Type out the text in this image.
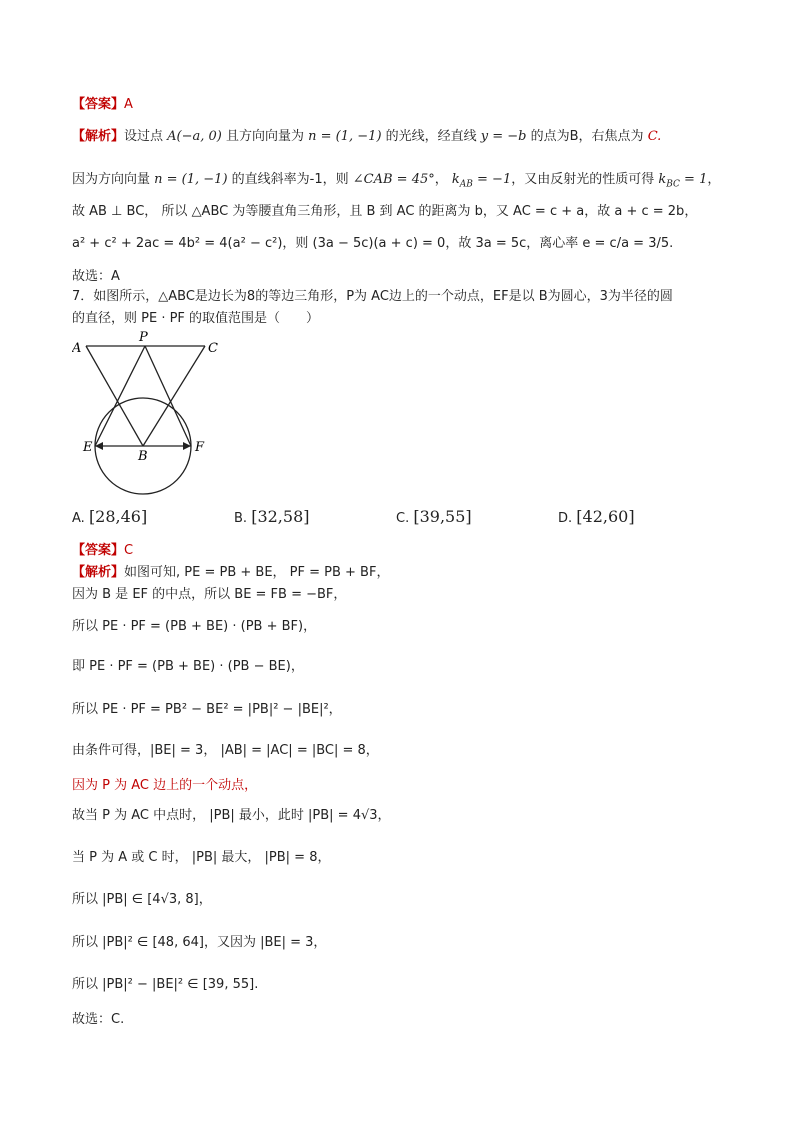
【答案】A
【解析】设过点 A(−a, 0) 且方向向量为 n = (1, −1) 的光线，经直线 y = −b 的点为B，右焦点为 C.
因为方向向量 n = (1, −1) 的直线斜率为-1，则 ∠CAB = 45°， $k_{AB} = -1$，又由反射光的性质可得 $k_{BC} = 1$，
故 AB ⊥ BC， 所以 △ABC 为等腰直角三角形，且 B 到 AC 的距离为 b，又 AC = c + a，故 a + c = 2b，
a² + c² + 2ac = 4b² = 4(a² − c²)，则 (3a − 5c)(a + c) = 0，故 3a = 5c，离心率 e = c/a = 3/5.
故选：A
7．如图所示，△ABC是边长为8的等边三角形，P为 AC边上的一个动点，EF是以 B为圆心，3为半径的圆
的直径，则 PE · PF 的取值范围是（　　）
A
P
C
E
B
F
A. [28,46]	B. [32,58]	C. [39,55]	D. [42,60]
【答案】C
【解析】如图可知, PE = PB + BE， PF = PB + BF，
因为 B 是 EF 的中点，所以 BE = FB = −BF，
所以 PE · PF = (PB + BE) · (PB + BF)，
即 PE · PF = (PB + BE) · (PB − BE)，
所以 PE · PF = PB² − BE² = |PB|² − |BE|²，
由条件可得，|BE| = 3， |AB| = |AC| = |BC| = 8，
因为 P 为 AC 边上的一个动点，
故当 P 为 AC 中点时， |PB| 最小，此时 |PB| = 4√3，
当 P 为 A 或 C 时， |PB| 最大， |PB| = 8，
所以 |PB| ∈ [4√3, 8]，
所以 |PB|² ∈ [48, 64]，又因为 |BE| = 3，
所以 |PB|² − |BE|² ∈ [39, 55].
故选：C.
